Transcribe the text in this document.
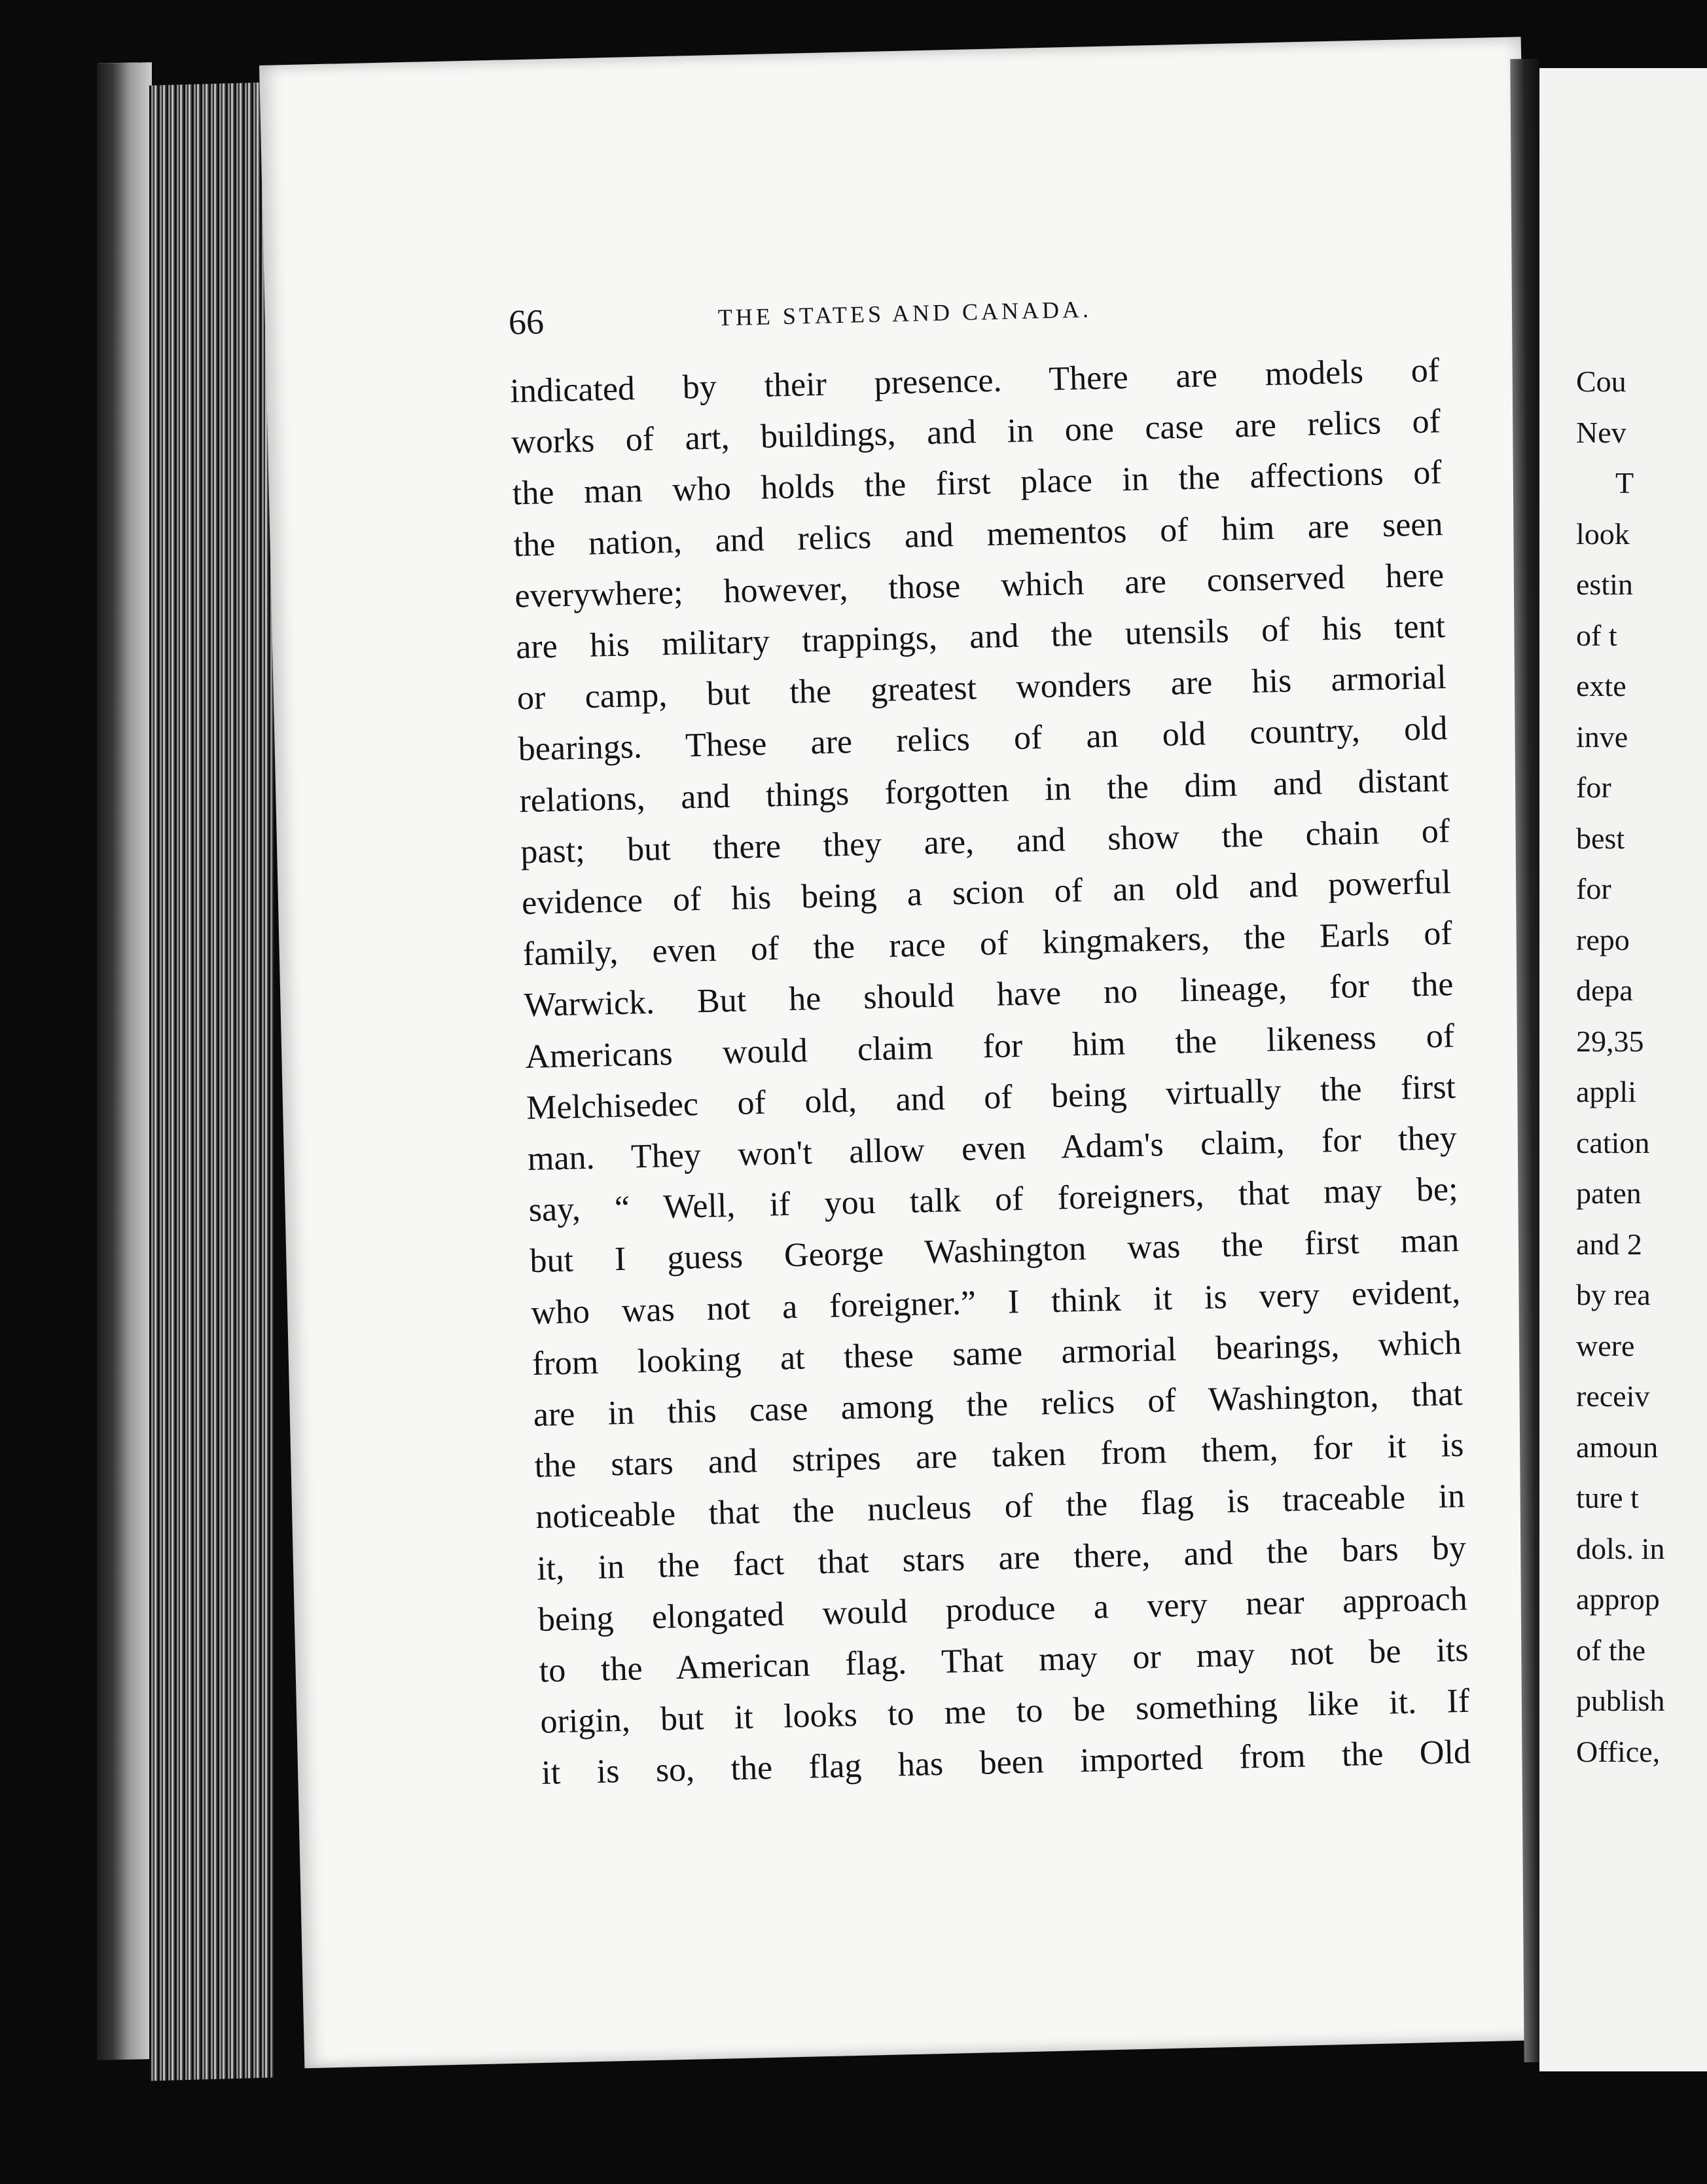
66	THE STATES AND CANADA.
indicated by their presence. There are models of
works of art, buildings, and in one case are relics of
the man who holds the first place in the affections of
the nation, and relics and mementos of him are seen
everywhere; however, those which are conserved here
are his military trappings, and the utensils of his tent
or camp, but the greatest wonders are his armorial
bearings. These are relics of an old country, old
relations, and things forgotten in the dim and distant
past; but there they are, and show the chain of
evidence of his being a scion of an old and powerful
family, even of the race of kingmakers, the Earls of
Warwick. But he should have no lineage, for the
Americans would claim for him the likeness of
Melchisedec of old, and of being virtually the first
man. They won't allow even Adam's claim, for they
say, “ Well, if you talk of foreigners, that may be;
but I guess George Washington was the first man
who was not a foreigner.” I think it is very evident,
from looking at these same armorial bearings, which
are in this case among the relics of Washington, that
the stars and stripes are taken from them, for it is
noticeable that the nucleus of the flag is traceable in
it, in the fact that stars are there, and the bars by
being elongated would produce a very near approach
to the American flag. That may or may not be its
origin, but it looks to me to be something like it. If
it is so, the flag has been imported from the Old
Cou
Nev
T
look
estin
of t
exte
inve
for
best
for
repo
depa
29,35
appli
cation
paten
and 2
by rea
were
receiv
amoun
ture t
dols. in
approp
of the
publish
Office,
